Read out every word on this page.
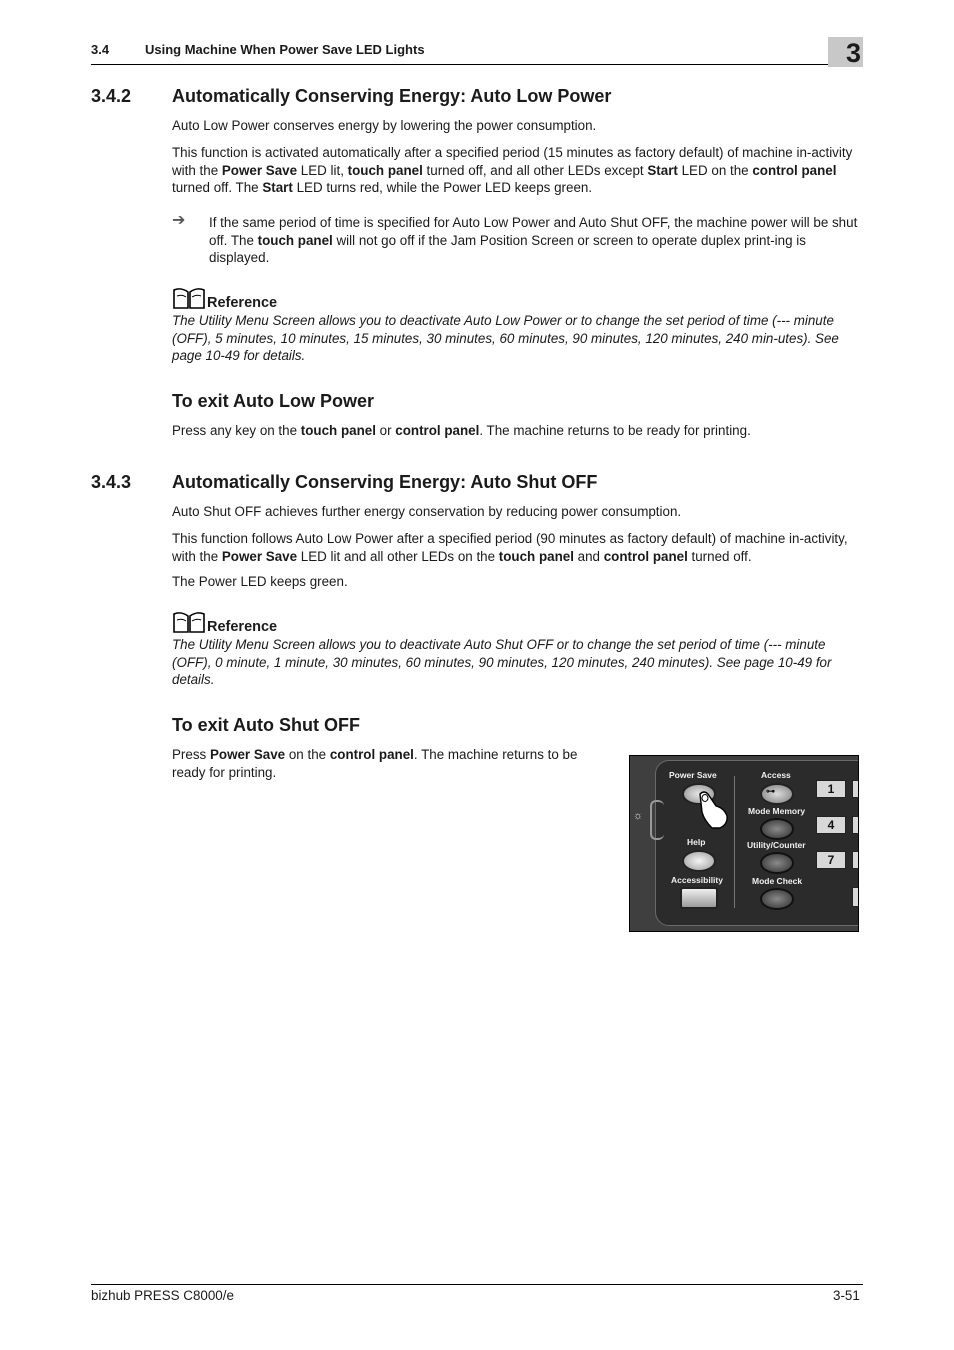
3.4	Using Machine When Power Save LED Lights	3
3.4.2 Automatically Conserving Energy: Auto Low Power

Auto Low Power conserves energy by lowering the power consumption.

This function is activated automatically after a specified period (15 minutes as factory default) of machine in-activity with the Power Save LED lit, touch panel turned off, and all other LEDs except Start LED on the control panel turned off. The Start LED turns red, while the Power LED keeps green.

➔ If the same period of time is specified for Auto Low Power and Auto Shut OFF, the machine power will be shut off. The touch panel will not go off if the Jam Position Screen or screen to operate duplex print-ing is displayed.

Reference

The Utility Menu Screen allows you to deactivate Auto Low Power or to change the set period of time (--- minute (OFF), 5 minutes, 10 minutes, 15 minutes, 30 minutes, 60 minutes, 90 minutes, 120 minutes, 240 min-utes). See page 10-49 for details.

To exit Auto Low Power

Press any key on the touch panel or control panel. The machine returns to be ready for printing.

3.4.3 Automatically Conserving Energy: Auto Shut OFF

Auto Shut OFF achieves further energy conservation by reducing power consumption.

This function follows Auto Low Power after a specified period (90 minutes as factory default) of machine in-activity, with the Power Save LED lit and all other LEDs on the touch panel and control panel turned off.

The Power LED keeps green.

Reference

The Utility Menu Screen allows you to deactivate Auto Shut OFF or to change the set period of time (--- minute (OFF), 0 minute, 1 minute, 30 minutes, 60 minutes, 90 minutes, 120 minutes, 240 minutes). See page 10-49 for details.

To exit Auto Shut OFF

Press Power Save on the control panel. The machine returns to be ready for printing.

☼
Power Save	Access
⊶
Mode Memory
Help	Utility/Counter
Accessibility	Mode Check
1
4
7
bizhub PRESS C8000/e	3-51
